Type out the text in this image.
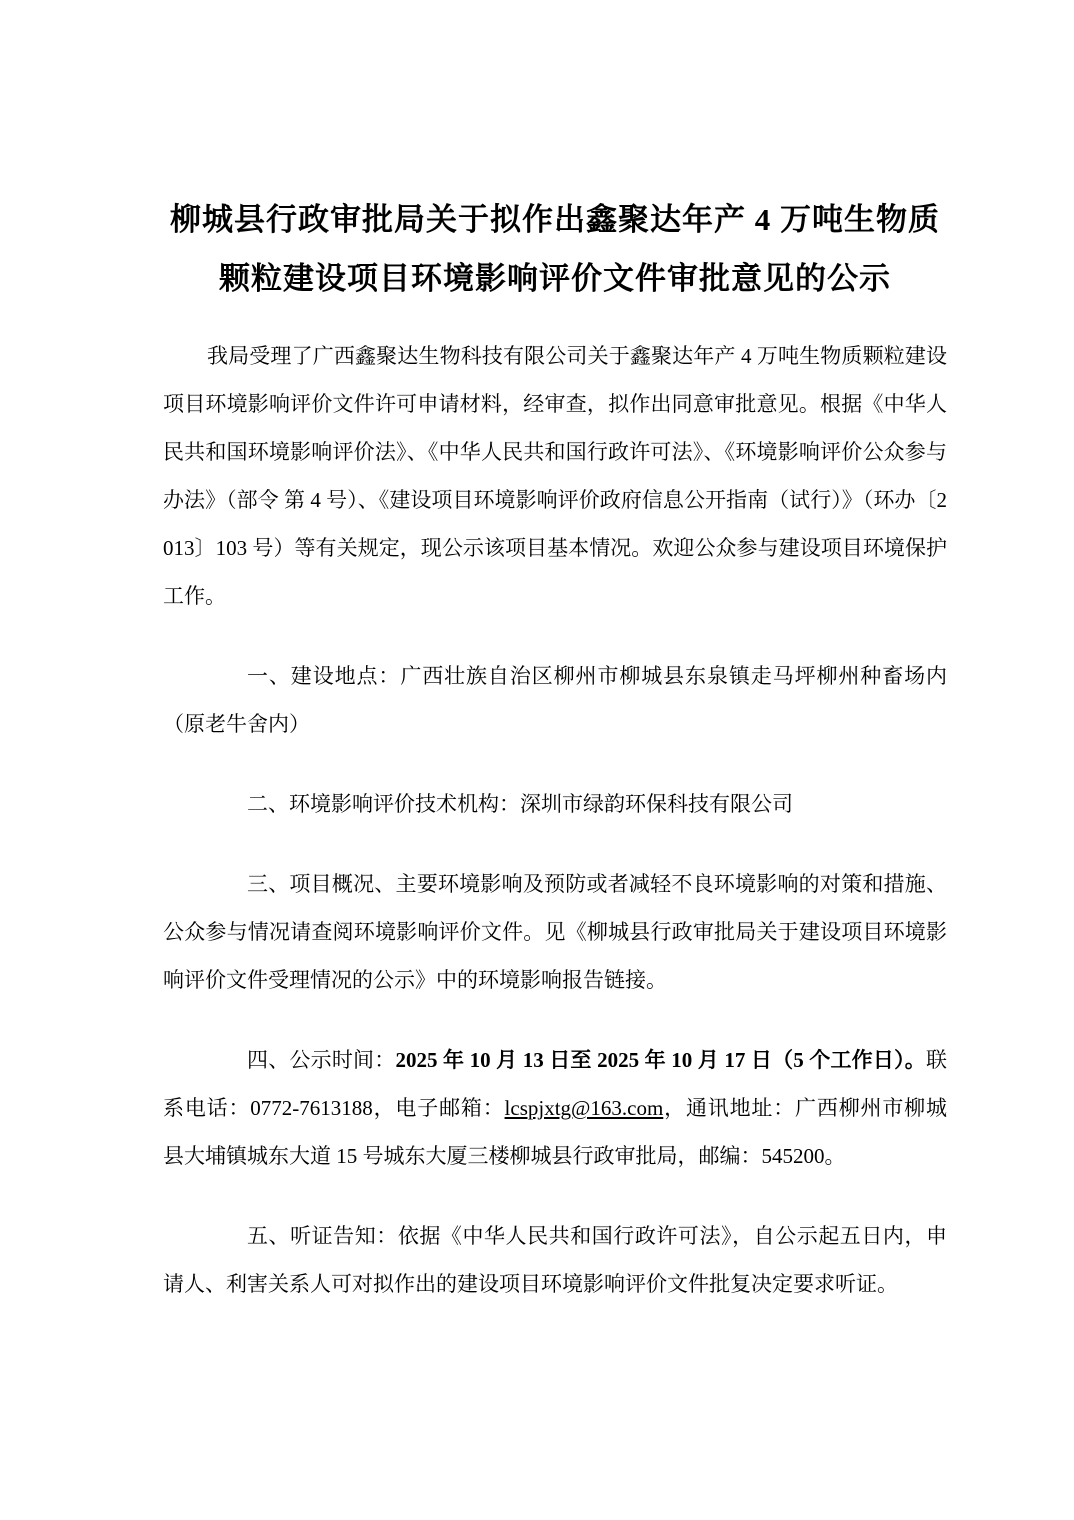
柳城县行政审批局关于拟作出鑫聚达年产 4 万吨生物质
颗粒建设项目环境影响评价文件审批意见的公示

我局受理了广西鑫聚达生物科技有限公司关于鑫聚达年产 4 万吨生物质颗粒建设项目环境影响评价文件许可申请材料，经审查，拟作出同意审批意见。根据《中华人民共和国环境影响评价法》、《中华人民共和国行政许可法》、《环境影响评价公众参与办法》（部令 第 4 号）、《建设项目环境影响评价政府信息公开指南（试行）》（环办〔2013〕103 号）等有关规定，现公示该项目基本情况。欢迎公众参与建设项目环境保护工作。

一、建设地点：广西壮族自治区柳州市柳城县东泉镇走马坪柳州种畜场内（原老牛舍内）

二、环境影响评价技术机构：深圳市绿韵环保科技有限公司

三、项目概况、主要环境影响及预防或者减轻不良环境影响的对策和措施、公众参与情况请查阅环境影响评价文件。见《柳城县行政审批局关于建设项目环境影响评价文件受理情况的公示》中的环境影响报告链接。

四、公示时间：2025 年 10 月 13 日至 2025 年 10 月 17 日（5 个工作日）。联系电话：0772-7613188，电子邮箱：lcspjxtg@163.com，通讯地址：广西柳州市柳城县大埔镇城东大道 15 号城东大厦三楼柳城县行政审批局，邮编：545200。

五、听证告知：依据《中华人民共和国行政许可法》，自公示起五日内，申请人、利害关系人可对拟作出的建设项目环境影响评价文件批复决定要求听证。
